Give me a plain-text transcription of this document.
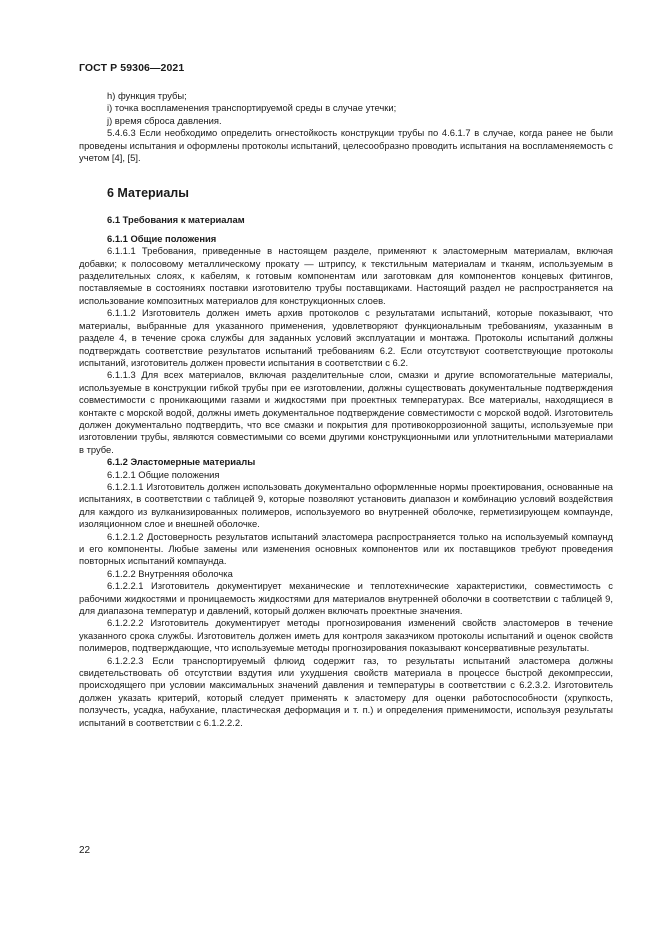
ГОСТ Р 59306—2021
h) функция трубы;
i) точка воспламенения транспортируемой среды в случае утечки;
j) время сброса давления.

5.4.6.3 Если необходимо определить огнестойкость конструкции трубы по 4.6.1.7 в случае, когда ранее не были проведены испытания и оформлены протоколы испытаний, целесообразно проводить испытания на воспламеняемость с учетом [4], [5].

6 Материалы
6.1 Требования к материалам
6.1.1 Общие положения

6.1.1.1 Требования, приведенные в настоящем разделе, применяют к эластомерным материалам, включая добавки; к полосовому металлическому прокату — штрипсу, к текстильным материалам и тканям, используемым в разделительных слоях, к кабелям, к готовым компонентам или заготовкам для компонентов концевых фитингов, поставляемые в состояниях поставки изготовителю трубы поставщиками. Настоящий раздел не распространяется на использование композитных материалов для конструкционных слоев.

6.1.1.2 Изготовитель должен иметь архив протоколов с результатами испытаний, которые показывают, что материалы, выбранные для указанного применения, удовлетворяют функциональным требованиям, указанным в разделе 4, в течение срока службы для заданных условий эксплуатации и монтажа. Протоколы испытаний должны подтверждать соответствие результатов испытаний требованиям 6.2. Если отсутствуют соответствующие протоколы испытаний, изготовитель должен провести испытания в соответствии с 6.2.

6.1.1.3 Для всех материалов, включая разделительные слои, смазки и другие вспомогательные материалы, используемые в конструкции гибкой трубы при ее изготовлении, должны существовать документальные подтверждения совместимости с проникающими газами и жидкостями при проектных температурах. Все материалы, находящиеся в контакте с морской водой, должны иметь документальное подтверждение совместимости с морской водой. Изготовитель должен документально подтвердить, что все смазки и покрытия для противокоррозионной защиты, используемые при изготовлении трубы, являются совместимыми со всеми другими конструкционными или уплотнительными материалами в трубе.

6.1.2 Эластомерные материалы
6.1.2.1 Общие положения

6.1.2.1.1 Изготовитель должен использовать документально оформленные нормы проектирования, основанные на испытаниях, в соответствии с таблицей 9, которые позволяют установить диапазон и комбинацию условий воздействия для каждого из вулканизированных полимеров, используемого во внутренней оболочке, герметизирующем компаунде, изоляционном слое и внешней оболочке.

6.1.2.1.2 Достоверность результатов испытаний эластомера распространяется только на используемый компаунд и его компоненты. Любые замены или изменения основных компонентов или их поставщиков требуют проведения повторных испытаний компаунда.

6.1.2.2 Внутренняя оболочка

6.1.2.2.1 Изготовитель документирует механические и теплотехнические характеристики, совместимость с рабочими жидкостями и проницаемость жидкостями для материалов внутренней оболочки в соответствии с таблицей 9, для диапазона температур и давлений, который должен включать проектные значения.

6.1.2.2.2 Изготовитель документирует методы прогнозирования изменений свойств эластомеров в течение указанного срока службы. Изготовитель должен иметь для контроля заказчиком протоколы испытаний и оценок свойств полимеров, подтверждающие, что используемые методы прогнозирования показывают консервативные результаты.

6.1.2.2.3 Если транспортируемый флюид содержит газ, то результаты испытаний эластомера должны свидетельствовать об отсутствии вздутия или ухудшения свойств материала в процессе быстрой декомпрессии, происходящего при условии максимальных значений давления и температуры в соответствии с 6.2.3.2. Изготовитель должен указать критерий, который следует применять к эластомеру для оценки работоспособности (хрупкость, ползучесть, усадка, набухание, пластическая деформация и т. п.) и определения применимости, используя результаты испытаний в соответствии с 6.1.2.2.2.

22
